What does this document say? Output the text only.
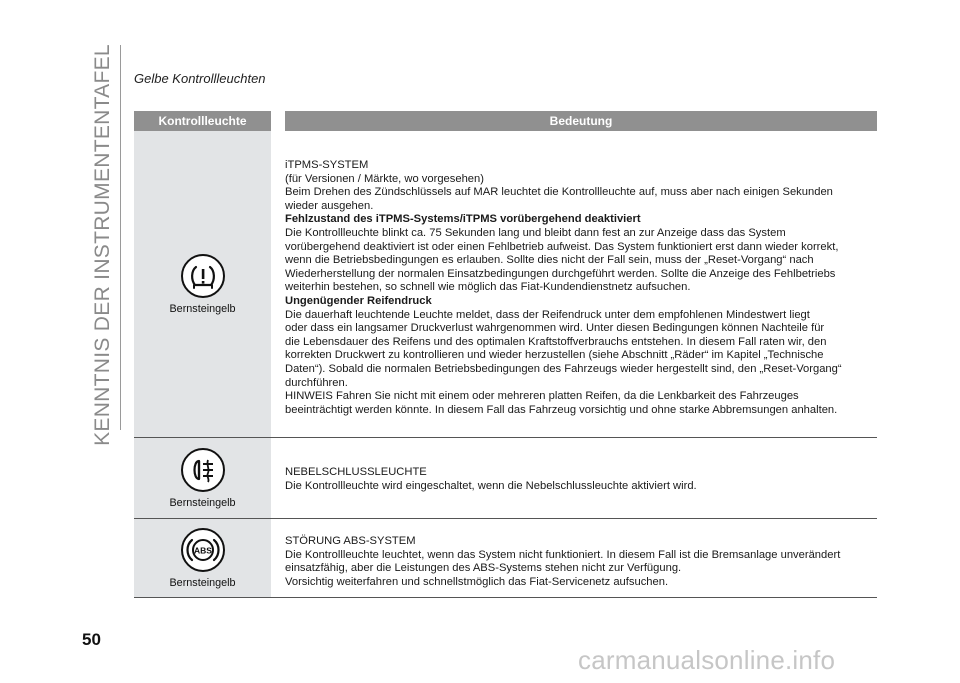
KENNTNIS DER INSTRUMENTENTAFEL Gelbe Kontrollleuchten
Kontrollleuchte	Bedeutung
Bernsteingelb
iTPMS-SYSTEM
(für Versionen / Märkte, wo vorgesehen)
Beim Drehen des Zündschlüssels auf MAR leuchtet die Kontrollleuchte auf, muss aber nach einigen Sekunden
wieder ausgehen.
Fehlzustand des iTPMS-Systems/iTPMS vorübergehend deaktiviert
Die Kontrollleuchte blinkt ca. 75 Sekunden lang und bleibt dann fest an zur Anzeige dass das System
vorübergehend deaktiviert ist oder einen Fehlbetrieb aufweist. Das System funktioniert erst dann wieder korrekt,
wenn die Betriebsbedingungen es erlauben. Sollte dies nicht der Fall sein, muss der „Reset-Vorgang“ nach
Wiederherstellung der normalen Einsatzbedingungen durchgeführt werden. Sollte die Anzeige des Fehlbetriebs
weiterhin bestehen, so schnell wie möglich das Fiat-Kundendienstnetz aufsuchen.
Ungenügender Reifendruck
Die dauerhaft leuchtende Leuchte meldet, dass der Reifendruck unter dem empfohlenen Mindestwert liegt
oder dass ein langsamer Druckverlust wahrgenommen wird. Unter diesen Bedingungen können Nachteile für
die Lebensdauer des Reifens und des optimalen Kraftstoffverbrauchs entstehen. In diesem Fall raten wir, den
korrekten Druckwert zu kontrollieren und wieder herzustellen (siehe Abschnitt „Räder“ im Kapitel „Technische
Daten“). Sobald die normalen Betriebsbedingungen des Fahrzeugs wieder hergestellt sind, den „Reset-Vorgang“
durchführen.
HINWEIS Fahren Sie nicht mit einem oder mehreren platten Reifen, da die Lenkbarkeit des Fahrzeuges
beeinträchtigt werden könnte. In diesem Fall das Fahrzeug vorsichtig und ohne starke Abbremsungen anhalten.
Bernsteingelb
NEBELSCHLUSSLEUCHTE
Die Kontrollleuchte wird eingeschaltet, wenn die Nebelschlussleuchte aktiviert wird.
ABS
Bernsteingelb
STÖRUNG ABS-SYSTEM
Die Kontrollleuchte leuchtet, wenn das System nicht funktioniert. In diesem Fall ist die Bremsanlage unverändert
einsatzfähig, aber die Leistungen des ABS-Systems stehen nicht zur Verfügung.
Vorsichtig weiterfahren und schnellstmöglich das Fiat-Servicenetz aufsuchen.
50
carmanualsonline.info
